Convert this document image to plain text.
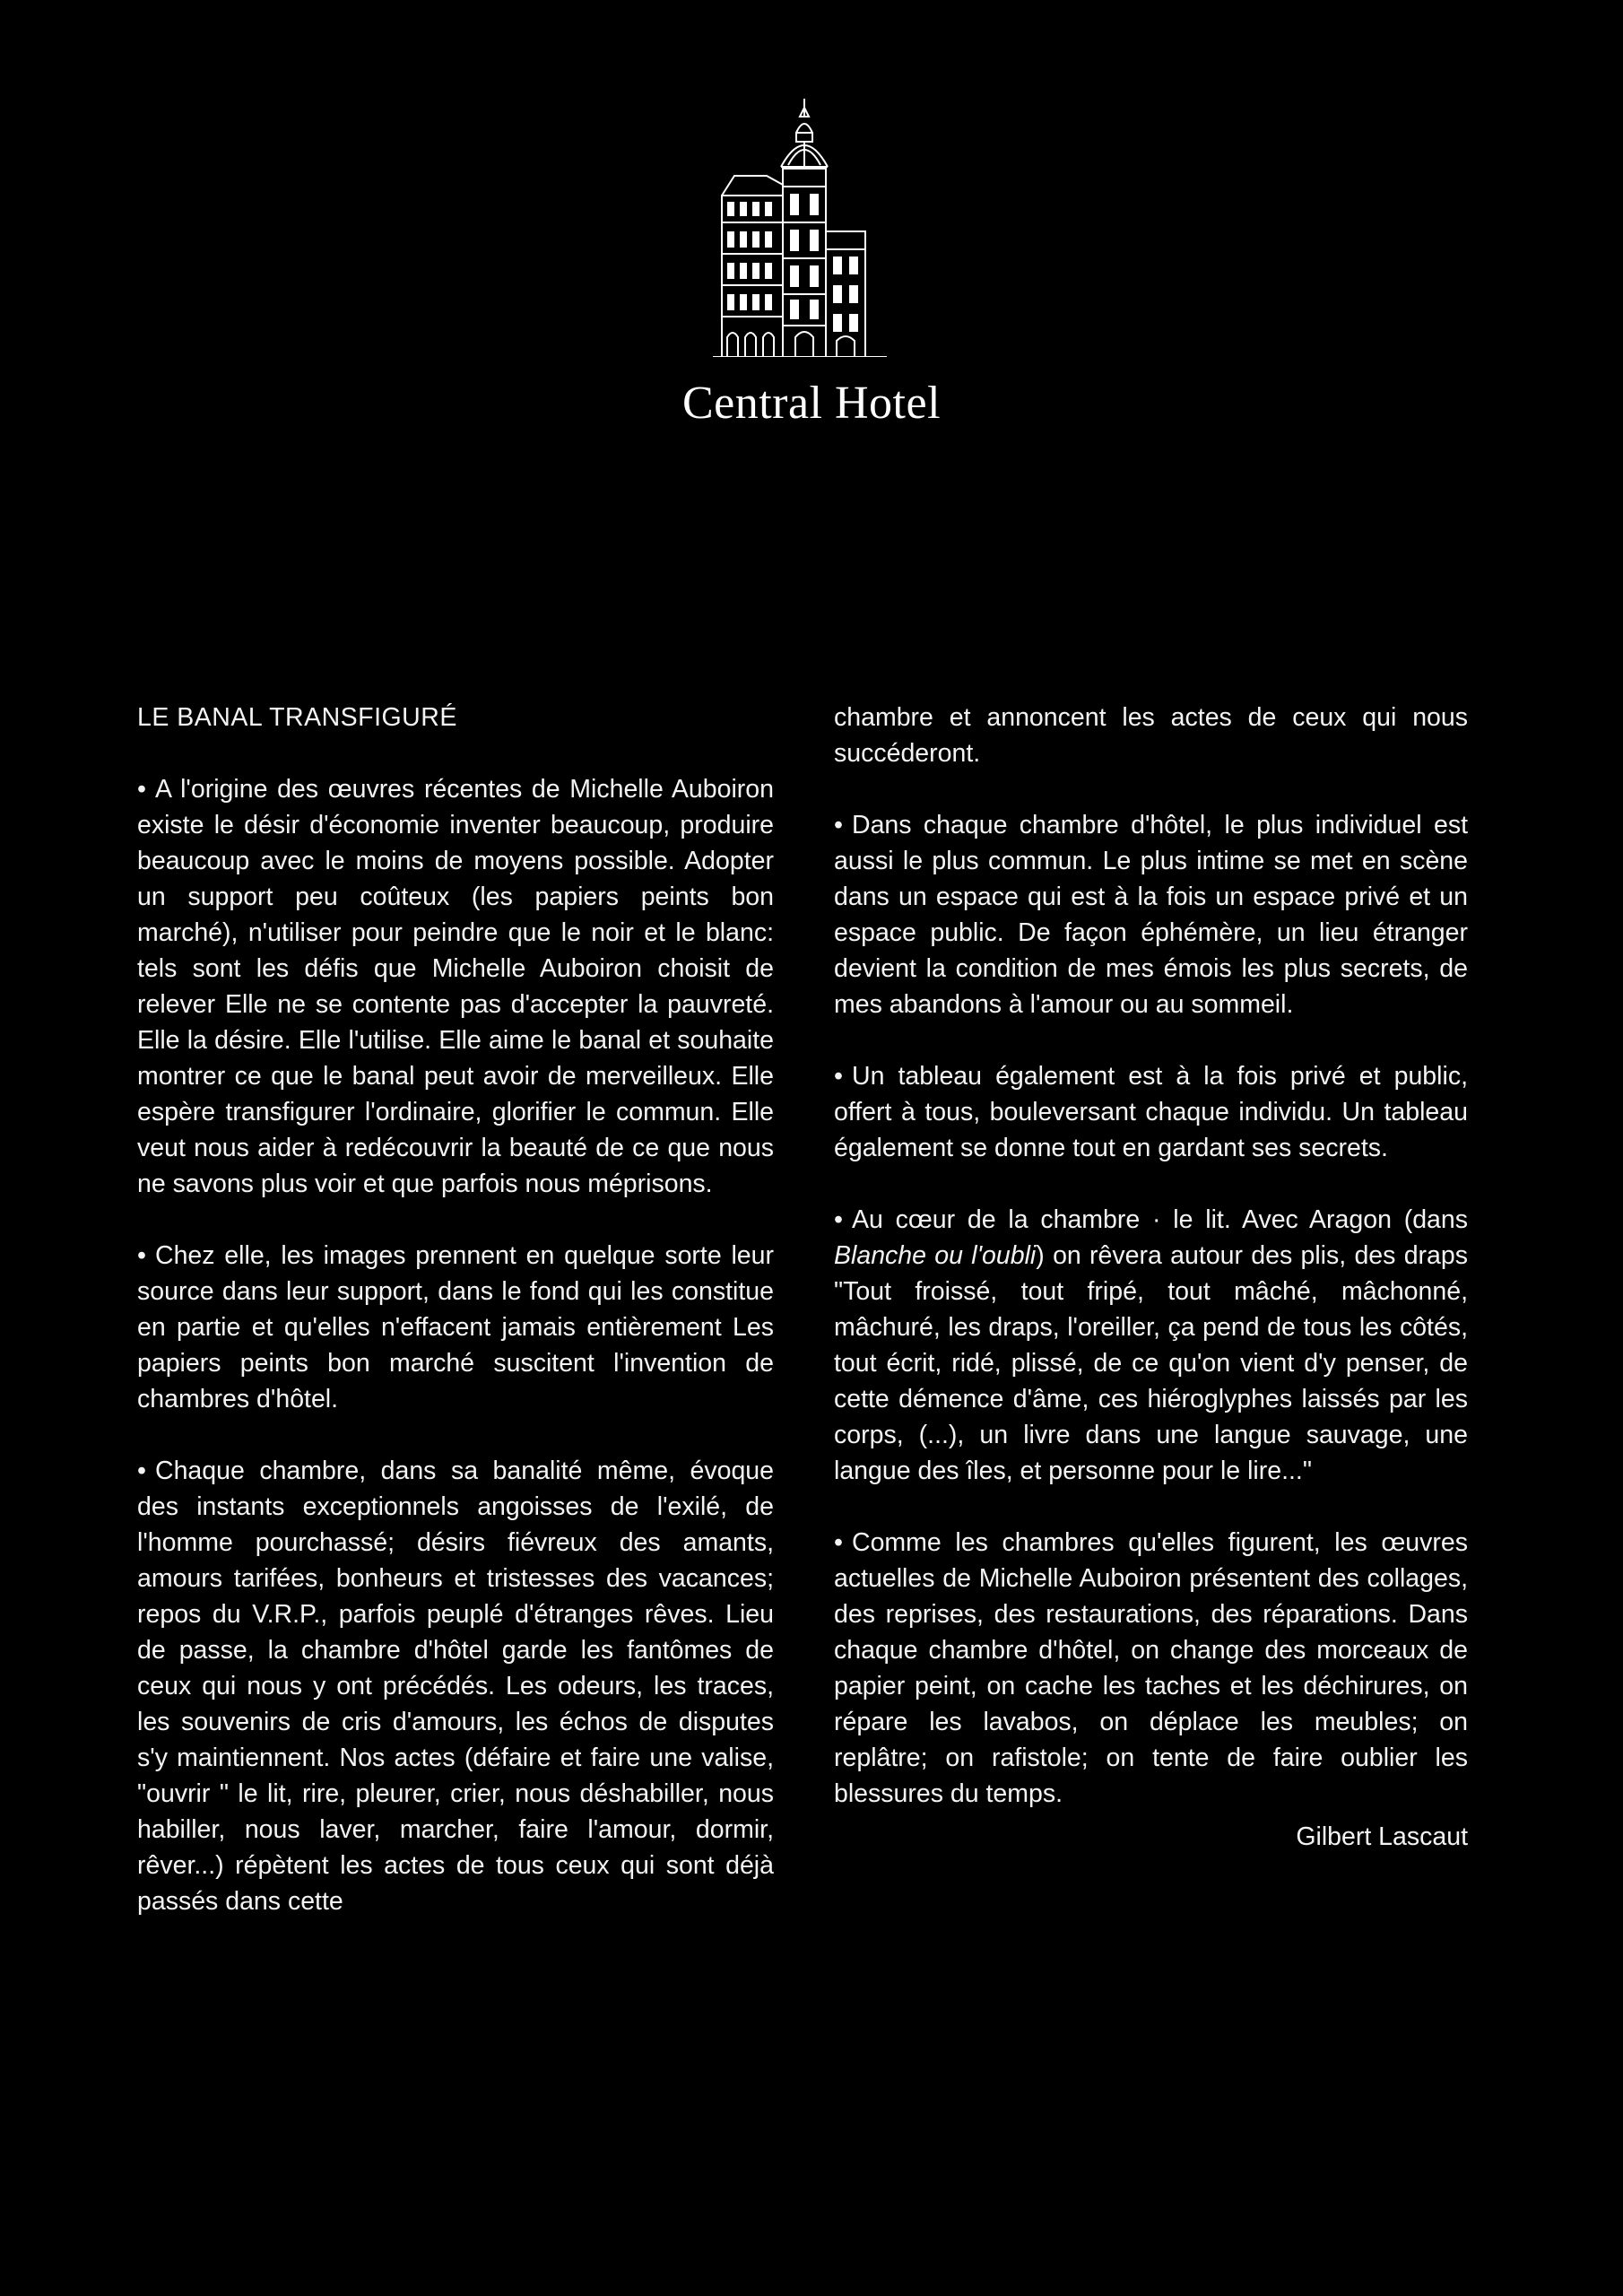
Central Hotel
LE BANAL TRANSFIGURÉ

• A l'origine des œuvres récentes de Michelle Auboiron existe le désir d'économie inventer beaucoup, produire beaucoup avec le moins de moyens possible. Adopter un support peu coûteux (les papiers peints bon marché), n'utiliser pour peindre que le noir et le blanc: tels sont les défis que Michelle Auboiron choisit de relever Elle ne se contente pas d'accepter la pauvreté. Elle la désire. Elle l'utilise. Elle aime le banal et souhaite montrer ce que le banal peut avoir de merveilleux. Elle espère transfigurer l'ordinaire, glorifier le commun. Elle veut nous aider à redécouvrir la beauté de ce que nous ne savons plus voir et que parfois nous méprisons.

• Chez elle, les images prennent en quelque sorte leur source dans leur support, dans le fond qui les constitue en partie et qu'elles n'effacent jamais entièrement Les papiers peints bon marché suscitent l'invention de chambres d'hôtel.

• Chaque chambre, dans sa banalité même, évoque des instants exceptionnels angoisses de l'exilé, de l'homme pourchassé; désirs fiévreux des amants, amours tarifées, bonheurs et tristesses des vacances; repos du V.R.P., parfois peuplé d'étranges rêves. Lieu de passe, la chambre d'hôtel garde les fantômes de ceux qui nous y ont précédés. Les odeurs, les traces, les souvenirs de cris d'amours, les échos de disputes s'y maintiennent. Nos actes (défaire et faire une valise, "ouvrir " le lit, rire, pleurer, crier, nous déshabiller, nous habiller, nous laver, marcher, faire l'amour, dormir, rêver...) répètent les actes de tous ceux qui sont déjà passés dans cette

chambre et annoncent les actes de ceux qui nous succéderont.

• Dans chaque chambre d'hôtel, le plus individuel est aussi le plus commun. Le plus intime se met en scène dans un espace qui est à la fois un espace privé et un espace public. De façon éphémère, un lieu étranger devient la condition de mes émois les plus secrets, de mes abandons à l'amour ou au sommeil.

• Un tableau également est à la fois privé et public, offert à tous, bouleversant chaque individu. Un tableau également se donne tout en gardant ses secrets.

• Au cœur de la chambre · le lit. Avec Aragon (dans Blanche ou l'oubli) on rêvera autour des plis, des draps "Tout froissé, tout fripé, tout mâché, mâchonné, mâchuré, les draps, l'oreiller, ça pend de tous les côtés, tout écrit, ridé, plissé, de ce qu'on vient d'y penser, de cette démence d'âme, ces hiéroglyphes laissés par les corps, (...), un livre dans une langue sauvage, une langue des îles, et personne pour le lire..."

• Comme les chambres qu'elles figurent, les œuvres actuelles de Michelle Auboiron présentent des collages, des reprises, des restaurations, des réparations. Dans chaque chambre d'hôtel, on change des morceaux de papier peint, on cache les taches et les déchirures, on répare les lavabos, on déplace les meubles; on replâtre; on rafistole; on tente de faire oublier les blessures du temps.

Gilbert Lascaut
